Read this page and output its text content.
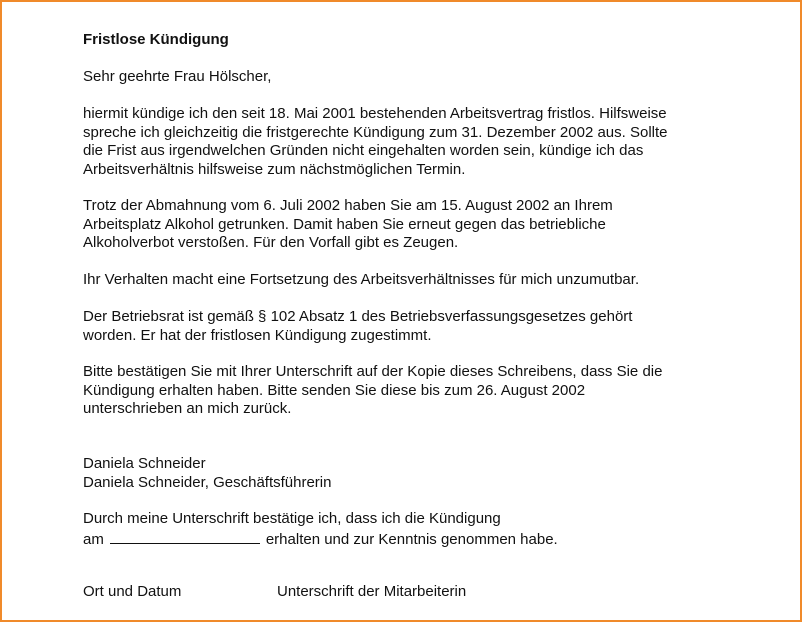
Fristlose Kündigung
Sehr geehrte Frau Hölscher,
hiermit kündige ich den seit 18. Mai 2001 bestehenden Arbeitsvertrag fristlos. Hilfsweise
spreche ich gleichzeitig die fristgerechte Kündigung zum 31. Dezember 2002 aus. Sollte
die Frist aus irgendwelchen Gründen nicht eingehalten worden sein, kündige ich das
Arbeitsverhältnis hilfsweise zum nächstmöglichen Termin.
Trotz der Abmahnung vom 6. Juli 2002 haben Sie am 15. August 2002 an Ihrem
Arbeitsplatz Alkohol getrunken. Damit haben Sie erneut gegen das betriebliche
Alkoholverbot verstoßen. Für den Vorfall gibt es Zeugen.
Ihr Verhalten macht eine Fortsetzung des Arbeitsverhältnisses für mich unzumutbar.
Der Betriebsrat ist gemäß § 102 Absatz 1 des Betriebsverfassungsgesetzes gehört
worden. Er hat der fristlosen Kündigung zugestimmt.
Bitte bestätigen Sie mit Ihrer Unterschrift auf der Kopie dieses Schreibens, dass Sie die
Kündigung erhalten haben. Bitte senden Sie diese bis zum 26. August 2002
unterschrieben an mich zurück.
Daniela Schneider
Daniela Schneider, Geschäftsführerin
Durch meine Unterschrift bestätige ich, dass ich die Kündigung
am	erhalten und zur Kenntnis genommen habe.
Ort und Datum	Unterschrift der Mitarbeiterin
